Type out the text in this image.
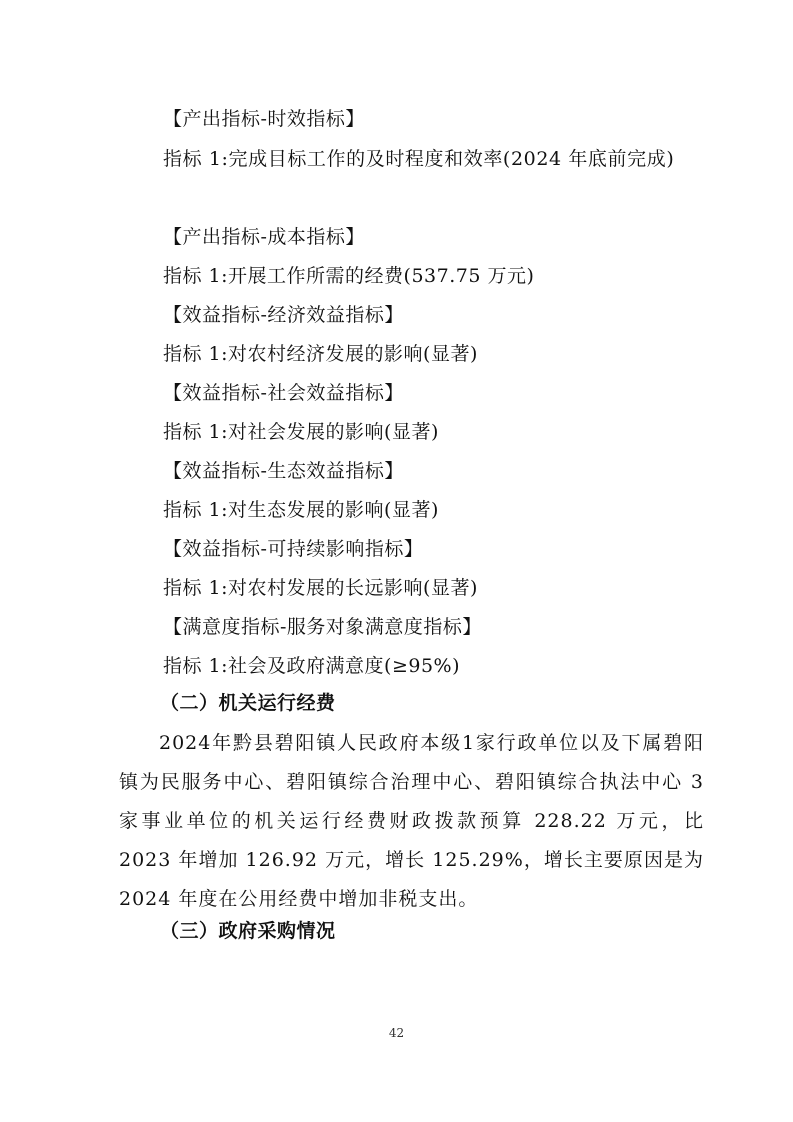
【产出指标-时效指标】
指标 1:完成目标工作的及时程度和效率(2024 年底前完成)
【产出指标-成本指标】
指标 1:开展工作所需的经费(537.75 万元)
【效益指标-经济效益指标】
指标 1:对农村经济发展的影响(显著)
【效益指标-社会效益指标】
指标 1:对社会发展的影响(显著)
【效益指标-生态效益指标】
指标 1:对生态发展的影响(显著)
【效益指标-可持续影响指标】
指标 1:对农村发展的长远影响(显著)
【满意度指标-服务对象满意度指标】
指标 1:社会及政府满意度(≥95%)
（二）机关运行经费
2024年黔县碧阳镇人民政府本级1家行政单位以及下属碧阳镇为民服务中心、碧阳镇综合治理中心、碧阳镇综合执法中心 3 家事业单位的机关运行经费财政拨款预算 228.22 万元，比 2023 年增加 126.92 万元，增长 125.29%，增长主要原因是为 2024 年度在公用经费中增加非税支出。
（三）政府采购情况
42
